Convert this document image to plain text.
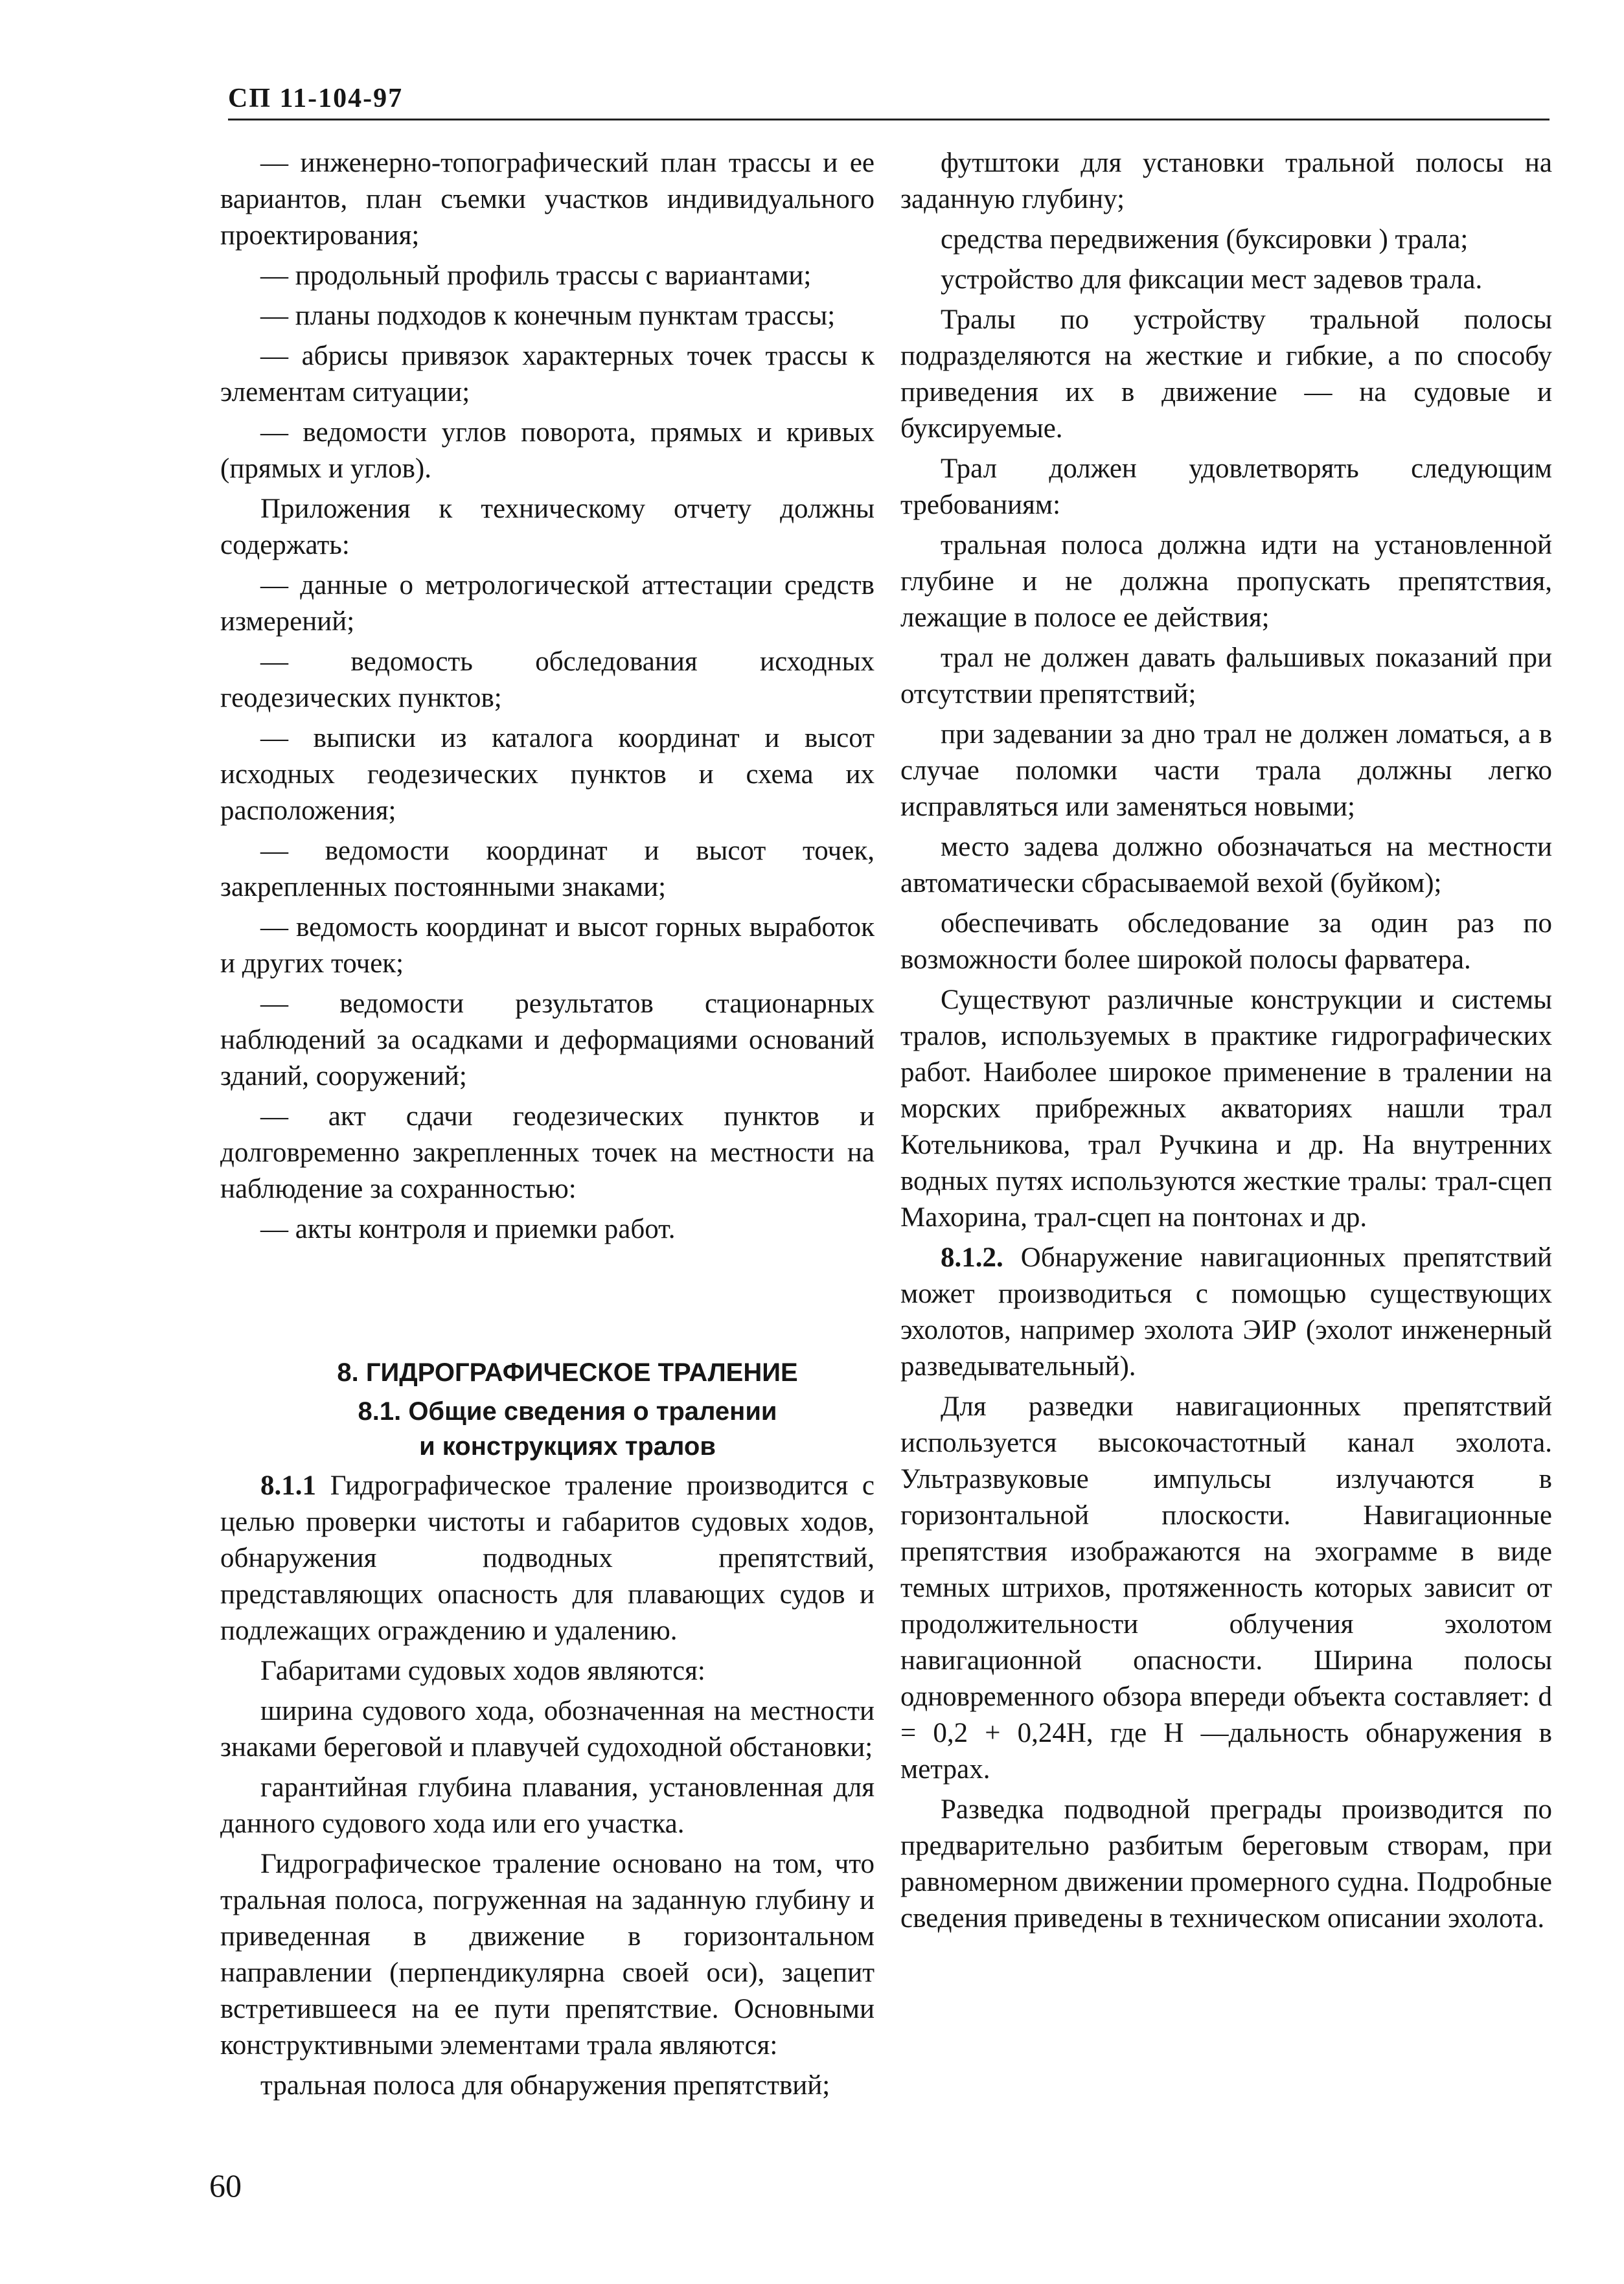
СП 11-104-97

— инженерно-топографический план трассы и ее вариантов, план съемки участков индивидуального проектирования;

— продольный профиль трассы с вариантами;

— планы подходов к конечным пунктам трассы;

— абрисы привязок характерных точек трассы к элементам ситуации;

— ведомости углов поворота, прямых и кривых (прямых и углов).

Приложения к техническому отчету должны содержать:

— данные о метрологической аттестации средств измерений;

— ведомость обследования исходных геодезических пунктов;

— выписки из каталога координат и высот исходных геодезических пунктов и схема их расположения;

— ведомости координат и высот точек, закрепленных постоянными знаками;

— ведомость координат и высот горных выработок и других точек;

— ведомости результатов стационарных наблюдений за осадками и деформациями оснований зданий, сооружений;

— акт сдачи геодезических пунктов и долговременно закрепленных точек на местности на наблюдение за сохранностью:

— акты контроля и приемки работ.

8. ГИДРОГРАФИЧЕСКОЕ ТРАЛЕНИЕ

8.1. Общие сведения о тралении
и конструкциях тралов

8.1.1 Гидрографическое траление производится с целью проверки чистоты и габаритов судовых ходов, обнаружения подводных препятствий, представляющих опасность для плавающих судов и подлежащих ограждению и удалению.

Габаритами судовых ходов являются:

ширина судового хода, обозначенная на местности знаками береговой и плавучей судоходной обстановки;

гарантийная глубина плавания, установленная для данного судового хода или его участка.

Гидрографическое траление основано на том, что тральная полоса, погруженная на заданную глубину и приведенная в движение в горизонтальном направлении (перпендикулярна своей оси), зацепит встретившееся на ее пути препятствие. Основными конструктивными элементами трала являются:

тральная полоса для обнаружения препятствий;

футштоки для установки тральной полосы на заданную глубину;

средства передвижения (буксировки ) трала;

устройство для фиксации мест задевов трала.

Тралы по устройству тральной полосы подразделяются на жесткие и гибкие, а по способу приведения их в движение — на судовые и буксируемые.

Трал должен удовлетворять следующим требованиям:

тральная полоса должна идти на установленной глубине и не должна пропускать препятствия, лежащие в полосе ее действия;

трал не должен давать фальшивых показаний при отсутствии препятствий;

при задевании за дно трал не должен ломаться, а в случае поломки части трала должны легко исправляться или заменяться новыми;

место задева должно обозначаться на местности автоматически сбрасываемой вехой (буйком);

обеспечивать обследование за один раз по возможности более широкой полосы фарватера.

Существуют различные конструкции и системы тралов, используемых в практике гидрографических работ. Наиболее широкое применение в тралении на морских прибрежных акваториях нашли трал Котельникова, трал Ручкина и др. На внутренних водных путях используются жесткие тралы: трал-сцеп Махорина, трал-сцеп на понтонах и др.

8.1.2. Обнаружение навигационных препятствий может производиться с помощью существующих эхолотов, например эхолота ЭИР (эхолот инженерный разведывательный).

Для разведки навигационных препятствий используется высокочастотный канал эхолота. Ультразвуковые импульсы излучаются в горизонтальной плоскости. Навигационные препятствия изображаются на эхограмме в виде темных штрихов, протяженность которых зависит от продолжительности облучения эхолотом навигационной опасности. Ширина полосы одновременного обзора впереди объекта составляет: d = 0,2 + 0,24Н, где Н —дальность обнаружения в метрах.

Разведка подводной преграды производится по предварительно разбитым береговым створам, при равномерном движении промерного судна. Подробные сведения приведены в техническом описании эхолота.

60
